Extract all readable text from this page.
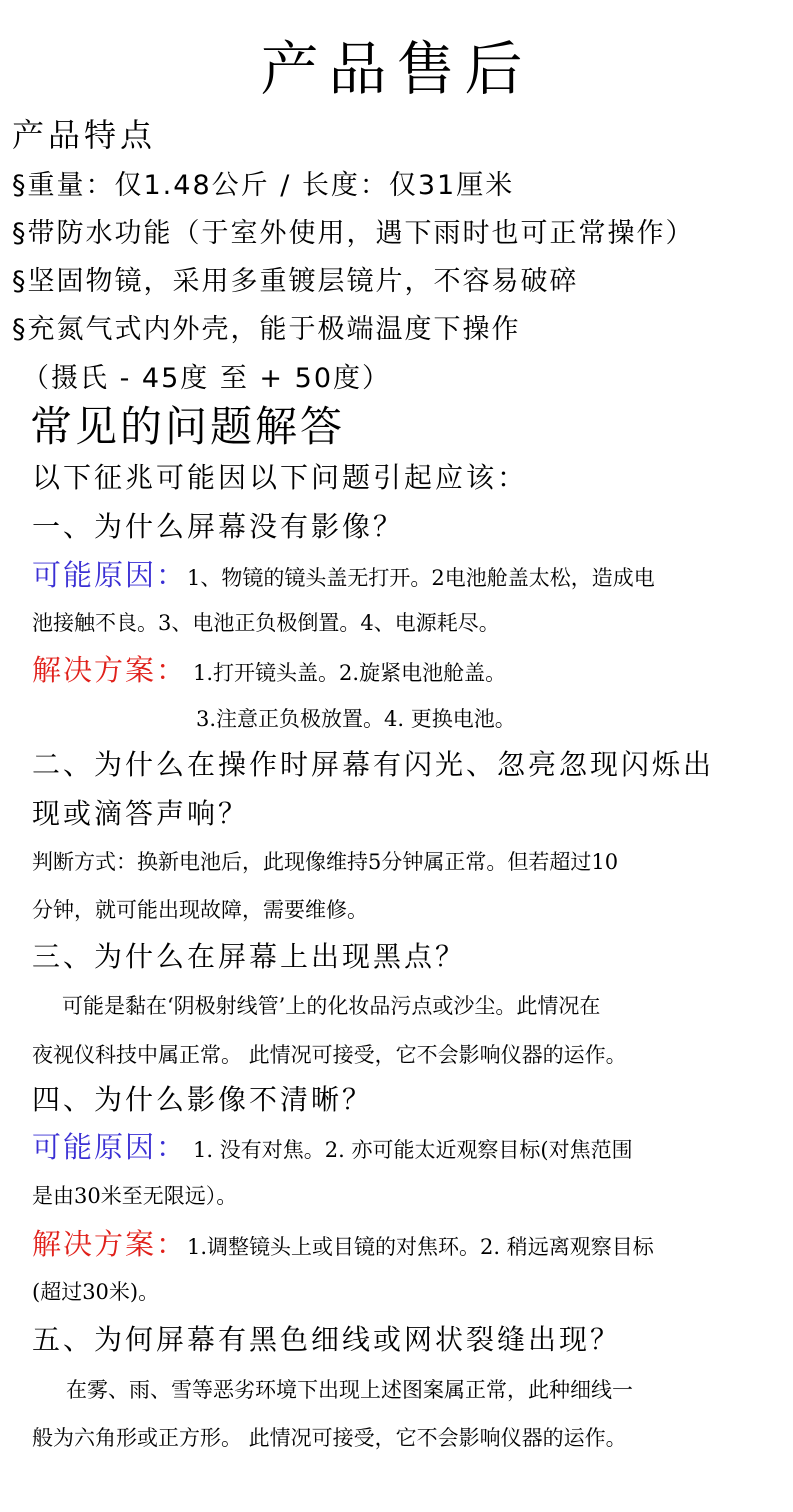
产品售后
产品特点
§重量：仅1.48公斤 / 长度：仅31厘米
§带防水功能（于室外使用，遇下雨时也可正常操作）
§坚固物镜，采用多重镀层镜片，不容易破碎
§充氮气式内外壳，能于极端温度下操作
（摄氏 - 45度 至 + 50度）
常见的问题解答
以下征兆可能因以下问题引起应该：
一、为什么屏幕没有影像？
可能原因：1、物镜的镜头盖无打开。2电池舱盖太松，造成电
池接触不良。3、电池正负极倒置。4、电源耗尽。
解决方案： 1.打开镜头盖。2.旋紧电池舱盖。
3.注意正负极放置。4. 更换电池。
二、为什么在操作时屏幕有闪光、忽亮忽现闪烁出
现或滴答声响？
判断方式：换新电池后，此现像维持5分钟属正常。但若超过10
分钟，就可能出现故障，需要维修。
三、为什么在屏幕上出现黑点？
可能是黏在‘阴极射线管’上的化妆品污点或沙尘。此情况在
夜视仪科技中属正常。 此情况可接受，它不会影响仪器的运作。
四、为什么影像不清晰？
可能原因： 1. 没有对焦。2. 亦可能太近观察目标(对焦范围
是由30米至无限远）。
解决方案：1.调整镜头上或目镜的对焦环。2. 稍远离观察目标
(超过30米)。
五、为何屏幕有黑色细线或网状裂缝出现？
在雾、雨、雪等恶劣环境下出现上述图案属正常，此种细线一
般为六角形或正方形。 此情况可接受，它不会影响仪器的运作。
